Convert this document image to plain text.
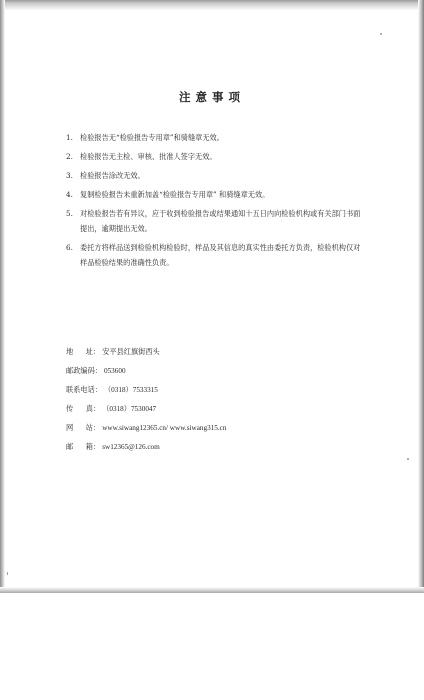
注意事项
1. 检验报告无“检验报告专用章”和骑缝章无效。
2. 检验报告无主检、审核、批准人签字无效。
3. 检验报告涂改无效。
4. 复制检验报告未重新加盖“检验报告专用章” 和骑缝章无效。
5. 对检验报告若有异议，应于收到检验报告或结果通知十五日内向检验机构或有关部门书面提出，逾期提出无效。
6. 委托方将样品送到检验机构检验时，样品及其信息的真实性由委托方负责，检验机构仅对样品检验结果的准确性负责。
地 址 ： 安平县红旗街西头
邮政编码 ： 053600
联系电话 ： （0318）7533315
传 真 ： （0318）7530047
网 站 ： www.siwang12365.cn/ www.siwang315.cn
邮 箱 ： sw12365@126.com
